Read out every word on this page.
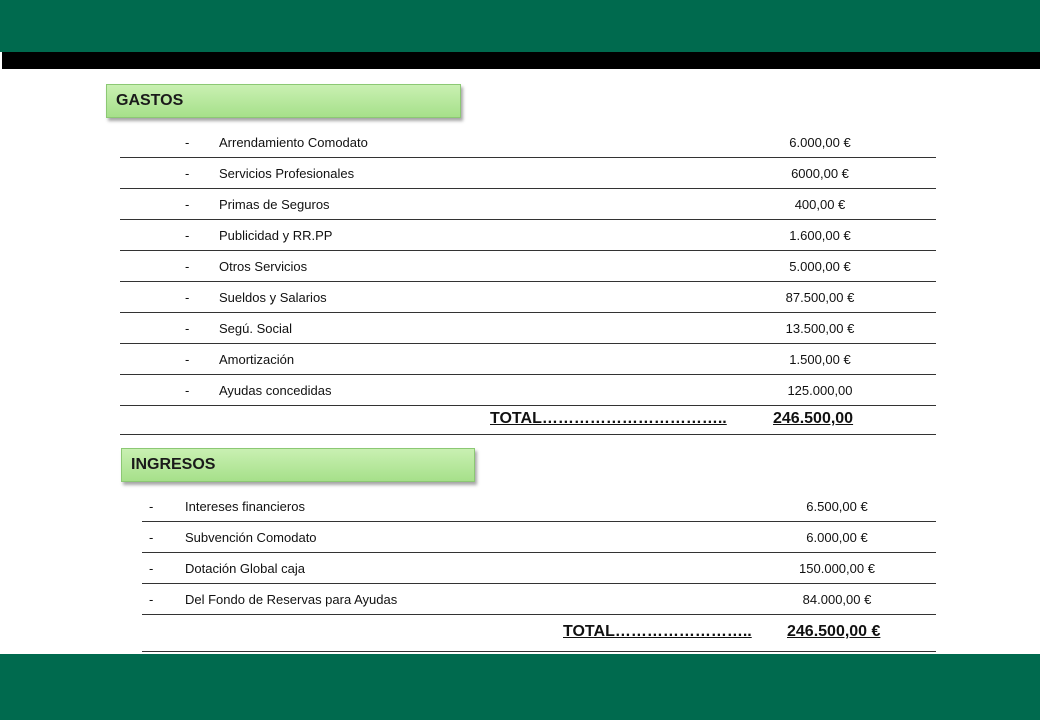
GASTOS
- Arrendamiento Comodato	6.000,00 €
- Servicios Profesionales	6000,00 €
- Primas de Seguros	400,00 €
- Publicidad y RR.PP	1.600,00 €
- Otros Servicios	5.000,00 €
- Sueldos y Salarios	87.500,00 €
- Segú. Social	13.500,00 €
- Amortización	1.500,00 €
- Ayudas concedidas	125.000,00
TOTAL……………………………..	246.500,00
INGRESOS
- Intereses financieros	6.500,00 €
- Subvención Comodato	6.000,00 €
- Dotación Global caja	150.000,00 €
- Del Fondo de Reservas para Ayudas	84.000,00 €
TOTAL…………………….. 246.500,00 €
